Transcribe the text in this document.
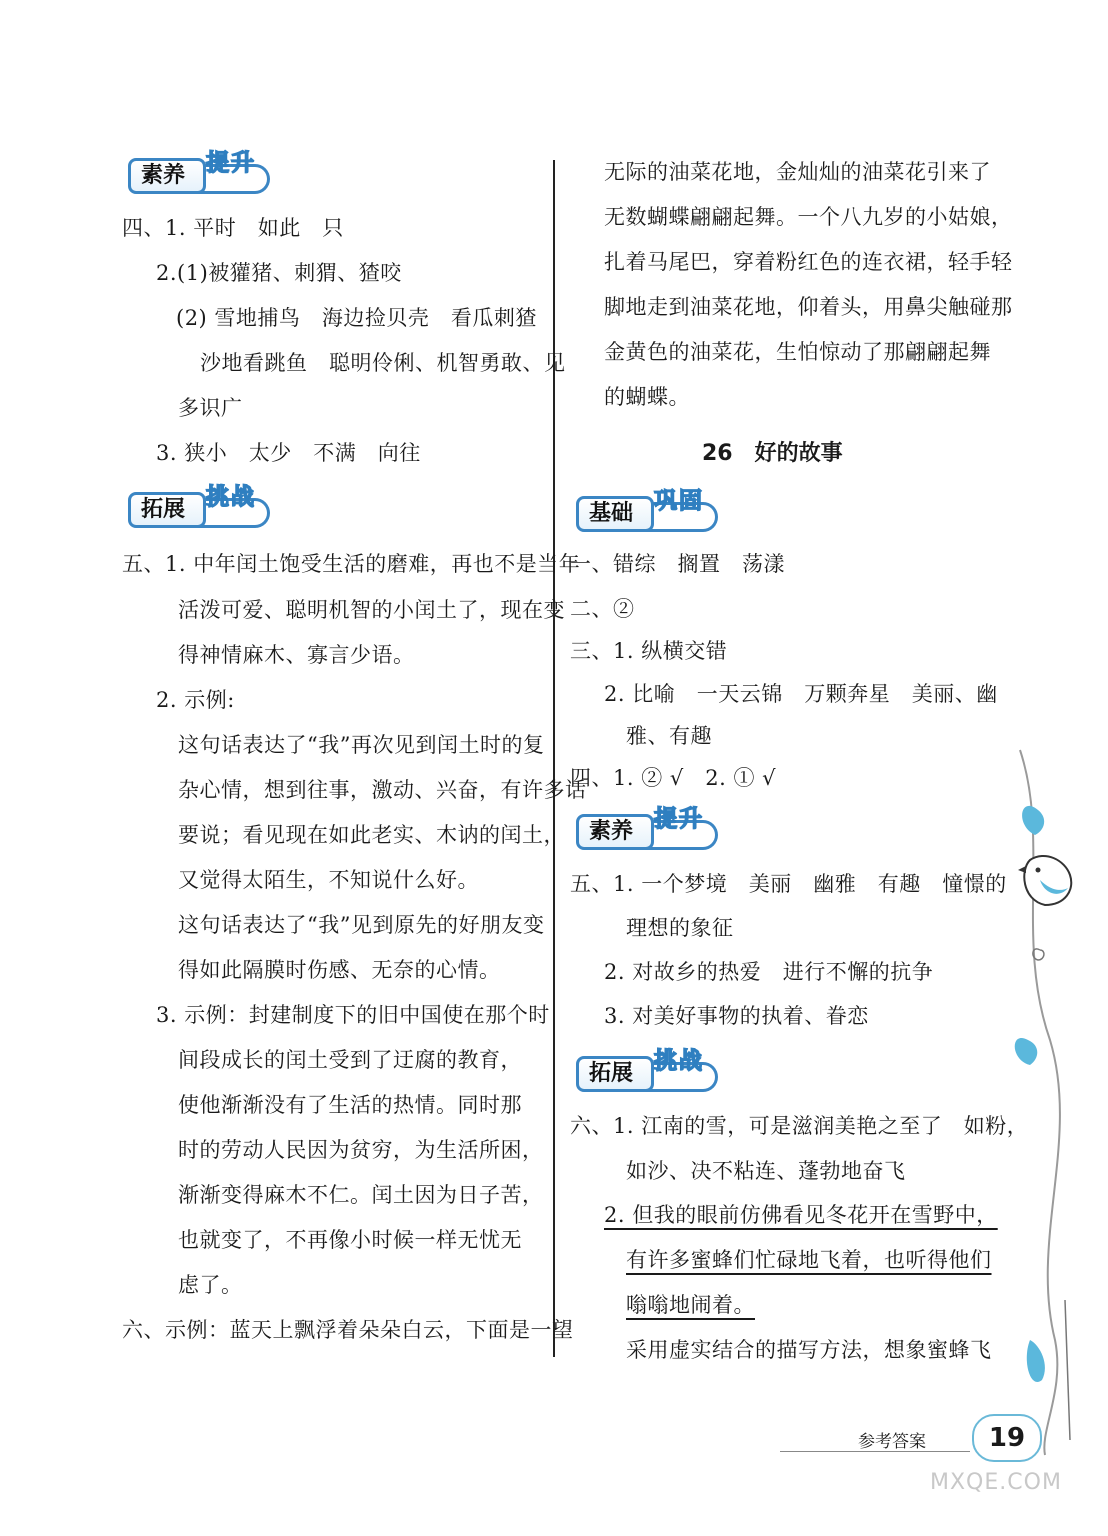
素养 提升
四、1. 平时　如此　只
2.(1)被獾猪、刺猬、猹咬
(2) 雪地捕鸟　海边捡贝壳　看瓜刺猹
沙地看跳鱼　聪明伶俐、机智勇敢、见
多识广
3. 狭小　太少　不满　向往
拓展 挑战
五、1. 中年闰土饱受生活的磨难，再也不是当年
活泼可爱、聪明机智的小闰土了，现在变
得神情麻木、寡言少语。
2. 示例:
这句话表达了“我”再次见到闰土时的复
杂心情，想到往事，激动、兴奋，有许多话
要说；看见现在如此老实、木讷的闰土，
又觉得太陌生，不知说什么好。
这句话表达了“我”见到原先的好朋友变
得如此隔膜时伤感、无奈的心情。
3. 示例：封建制度下的旧中国使在那个时
间段成长的闰土受到了迂腐的教育，
使他渐渐没有了生活的热情。同时那
时的劳动人民因为贫穷，为生活所困，
渐渐变得麻木不仁。闰土因为日子苦，
也就变了，不再像小时候一样无忧无
虑了。
六、示例：蓝天上飘浮着朵朵白云，下面是一望
无际的油菜花地，金灿灿的油菜花引来了
无数蝴蝶翩翩起舞。一个八九岁的小姑娘，
扎着马尾巴，穿着粉红色的连衣裙，轻手轻
脚地走到油菜花地，仰着头，用鼻尖触碰那
金黄色的油菜花，生怕惊动了那翩翩起舞
的蝴蝶。
26　好的故事
基础 巩固
一、错综　搁置　荡漾
二、②
三、1. 纵横交错
2. 比喻　一天云锦　万颗奔星　美丽、幽
雅、有趣
四、1. ② √　2. ① √
素养 提升
五、1. 一个梦境　美丽　幽雅　有趣　憧憬的
理想的象征
2. 对故乡的热爱　进行不懈的抗争
3. 对美好事物的执着、眷恋
拓展 挑战
六、1. 江南的雪，可是滋润美艳之至了　如粉，
如沙、决不粘连、蓬勃地奋飞
2. 但我的眼前仿佛看见冬花开在雪野中，
有许多蜜蜂们忙碌地飞着，也听得他们
嗡嗡地闹着。
采用虚实结合的描写方法，想象蜜蜂飞
参考答案	19
MXQE.COM
